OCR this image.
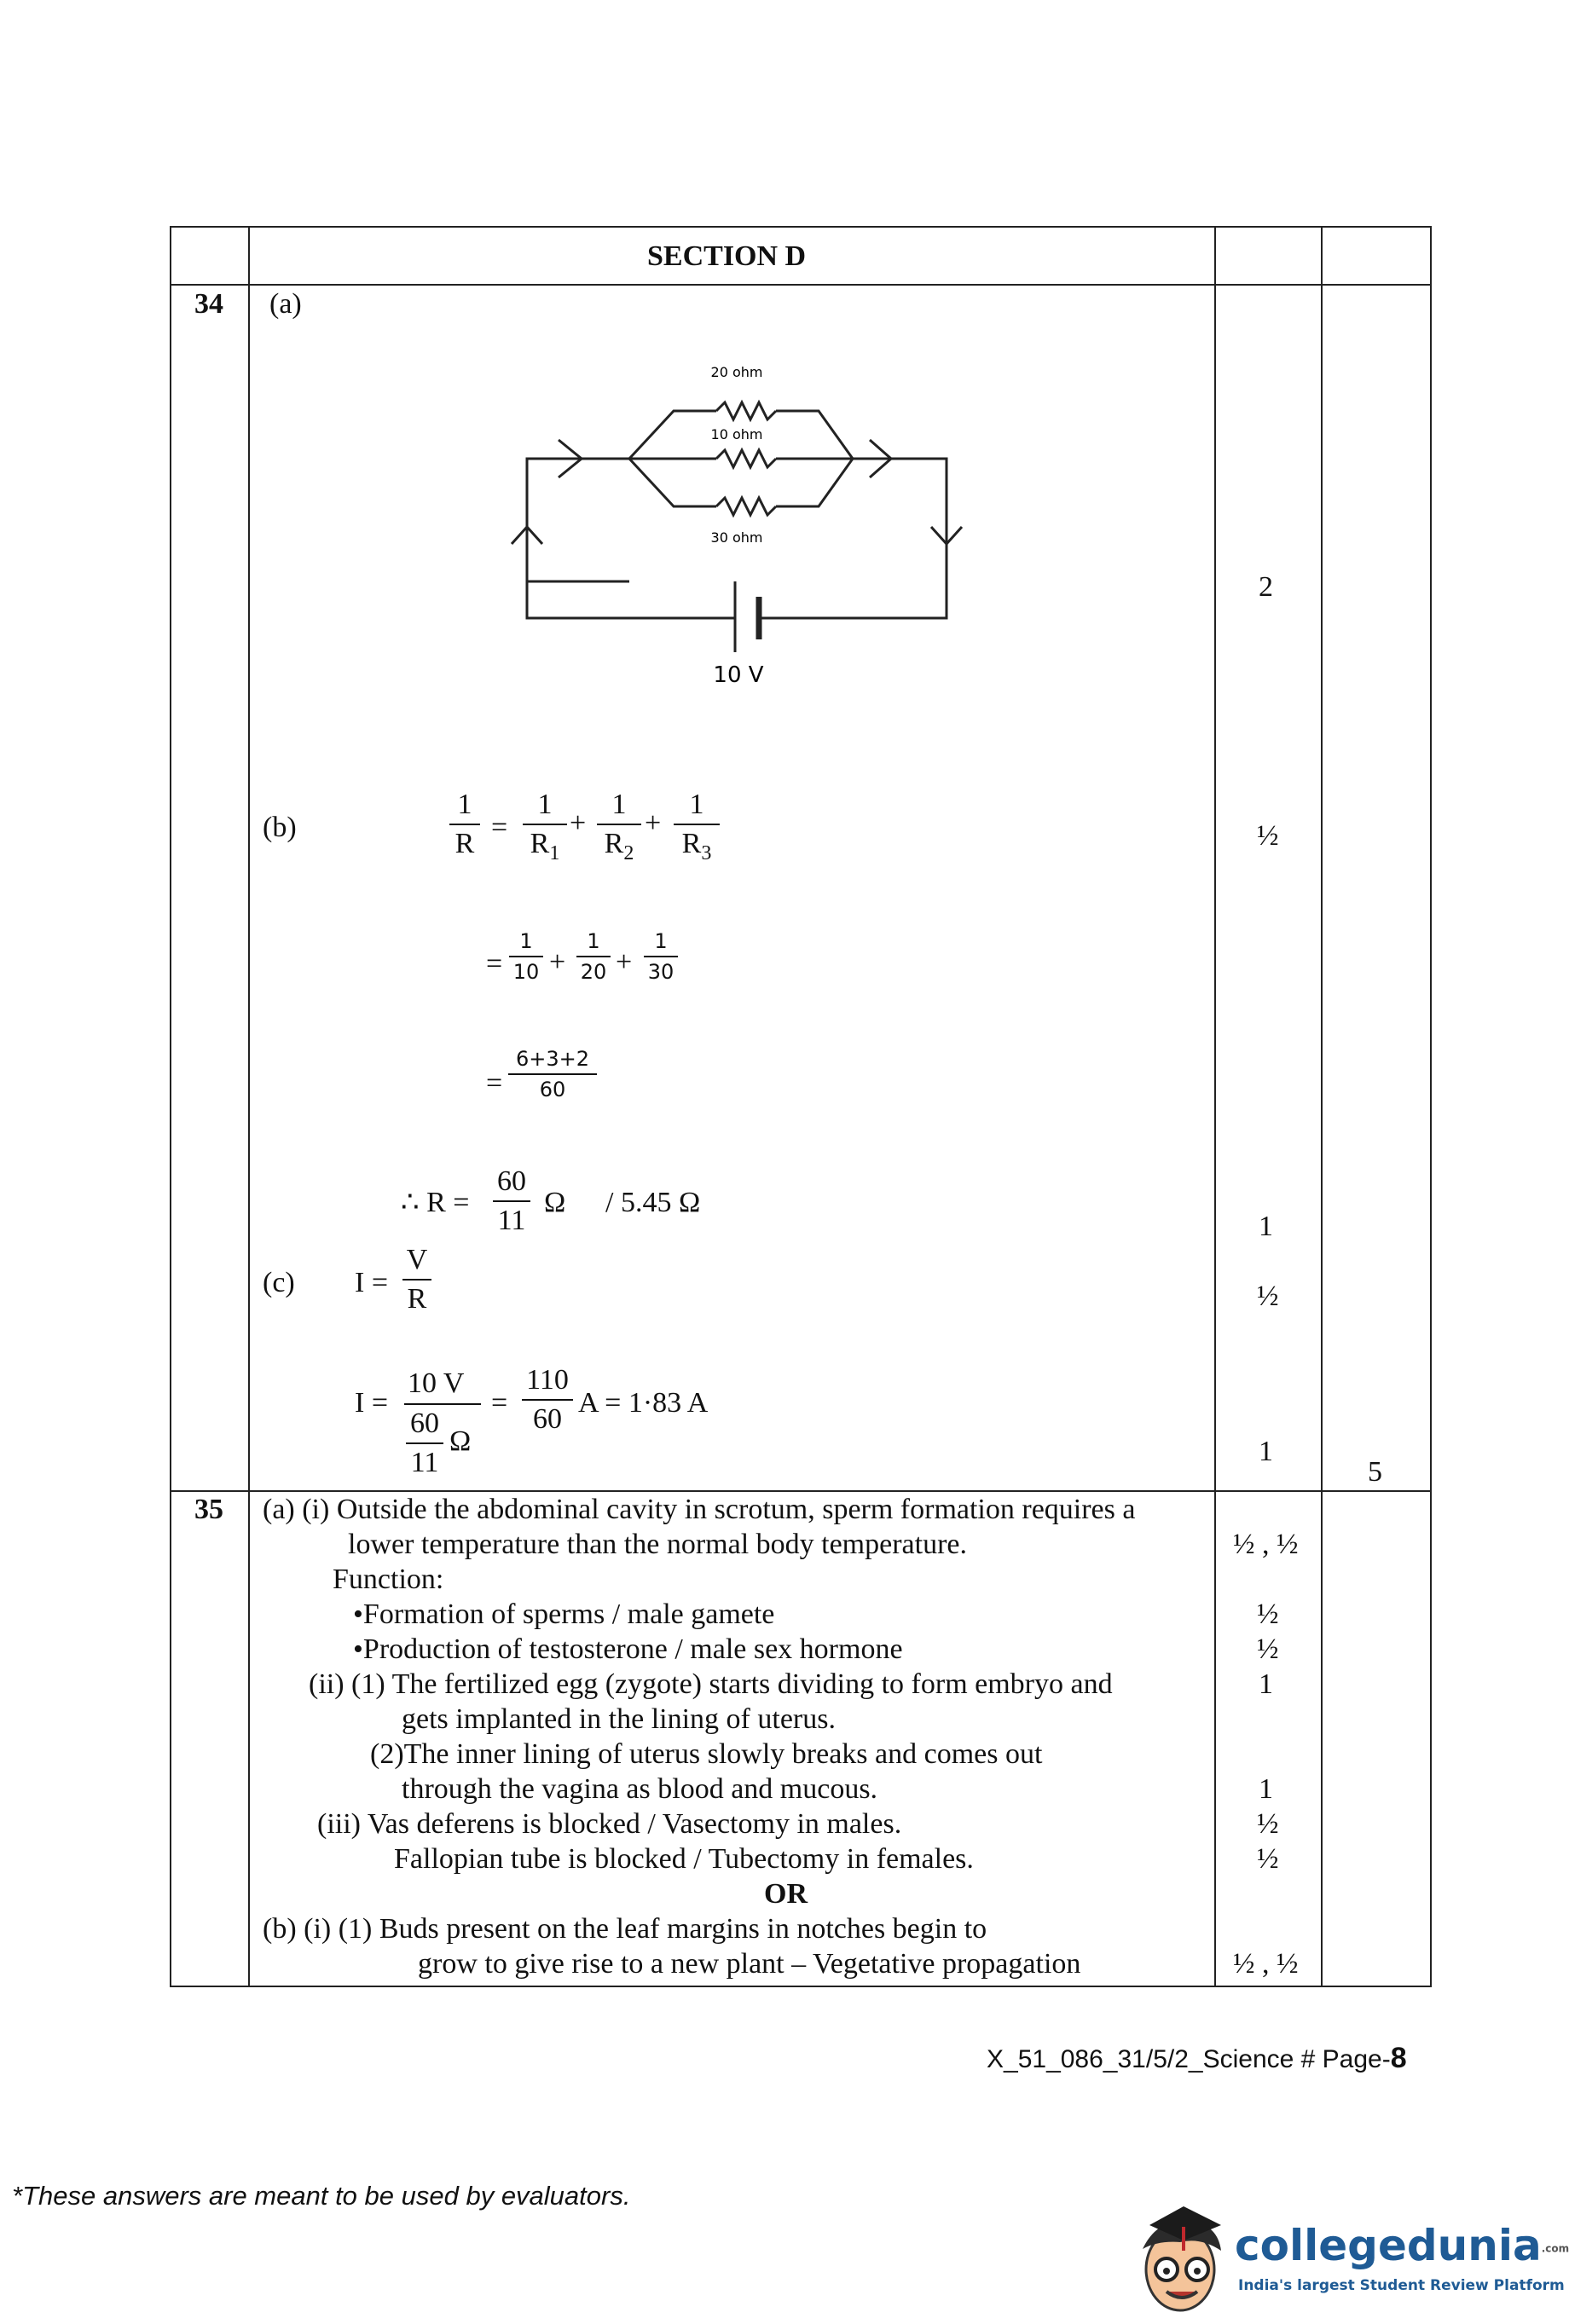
SECTION D
34 (a)
20 ohm
10 ohm
30 ohm
10 V
2
(b)
1
R
=
1
$R_1$
+
1
$R_2$
+
1
$R_3$
½
=
1
10 +
1
20 +
1
30
=
6+3+2
60
∴ R =
60
11
Ω / 5.45 Ω
1
(c) I =
V
R	½
I =
10 V
60
11
Ω
=
110
60
A = 1·83 A
1
5
35 (a) (i) Outside the abdominal cavity in scrotum, sperm formation requires a
lower temperature than the normal body temperature.
Function:
•Formation of sperms / male gamete
•Production of testosterone / male sex hormone
(ii) (1) The fertilized egg (zygote) starts dividing to form embryo and
gets implanted in the lining of uterus.
(2)The inner lining of uterus slowly breaks and comes out
through the vagina as blood and mucous.
(iii) Vas deferens is blocked / Vasectomy in males.
Fallopian tube is blocked / Tubectomy in females.
OR
(b) (i) (1) Buds present on the leaf margins in notches begin to
grow to give rise to a new plant – Vegetative propagation
½ , ½
½
½
1
1
½
½
½ , ½
X_51_086_31/5/2_Science # Page-8
*These answers are meant to be used by evaluators.
collegedunia.com
India's largest Student Review Platform
